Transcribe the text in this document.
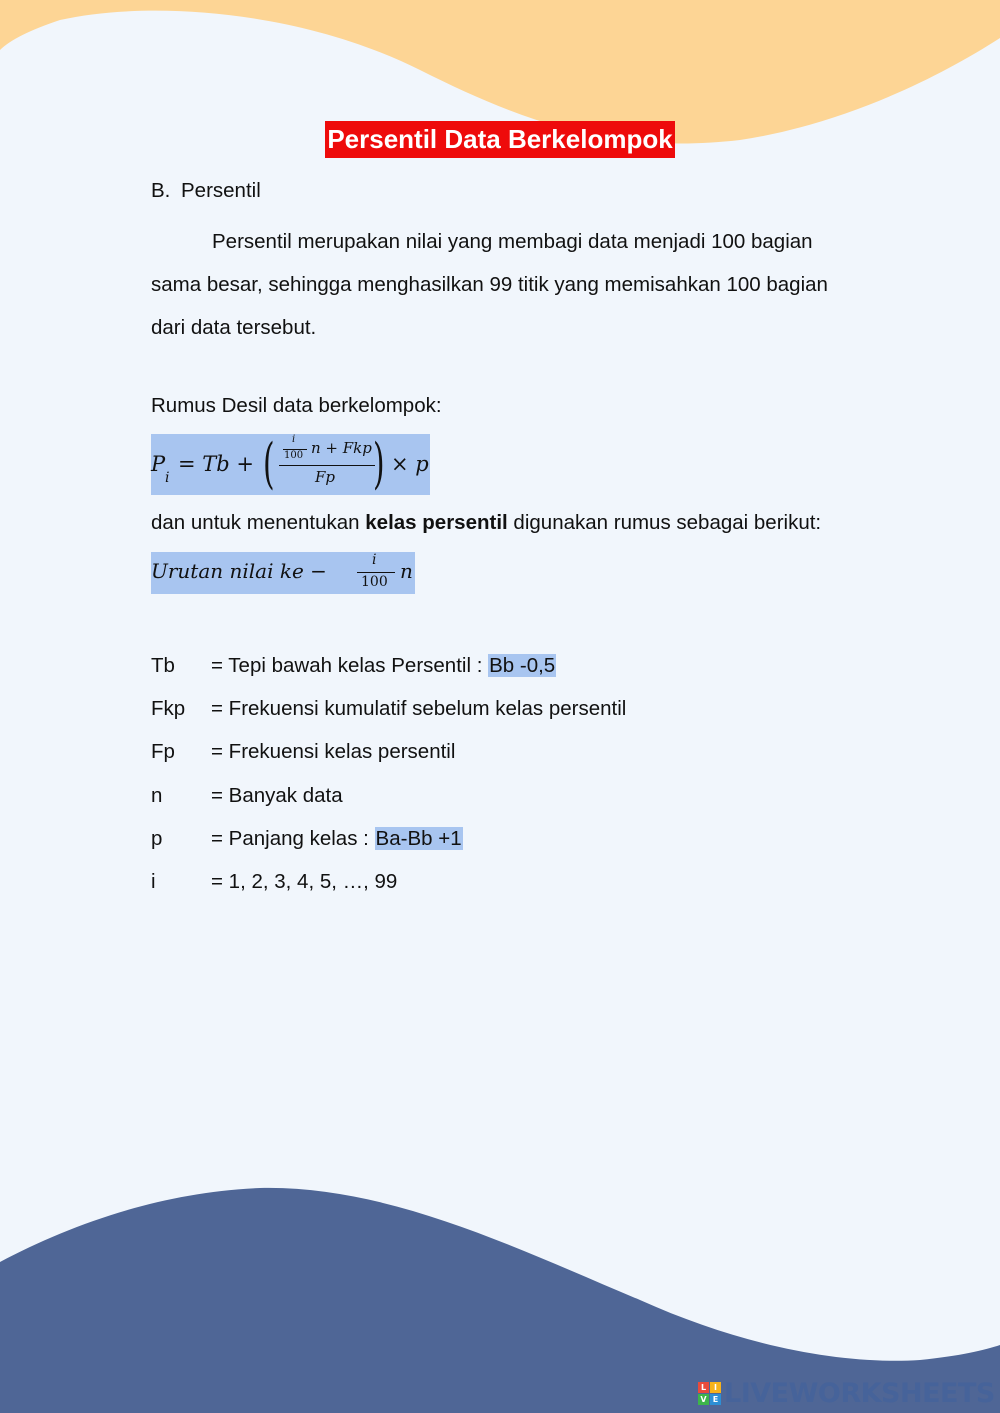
Persentil Data Berkelompok
B. Persentil
Persentil merupakan nilai yang membagi data menjadi 100 bagian
sama besar, sehingga menghasilkan 99 titik yang memisahkan 100 bagian
dari data tersebut.
Rumus Desil data berkelompok:
P
i
= Tb + ( i
100 n + Fkp
Fp ) × p
dan untuk menentukan kelas persentil digunakan rumus sebagai berikut:
Urutan nilai ke −	i
100 n
Tb = Tepi bawah kelas Persentil : Bb -0,5
Fkp = Frekuensi kumulatif sebelum kelas persentil
Fp = Frekuensi kelas persentil
n = Banyak data
p = Panjang kelas : Ba-Bb +1
i	= 1, 2, 3, 4, 5, …, 99
L I
V E LIVEWORKSHEETS
